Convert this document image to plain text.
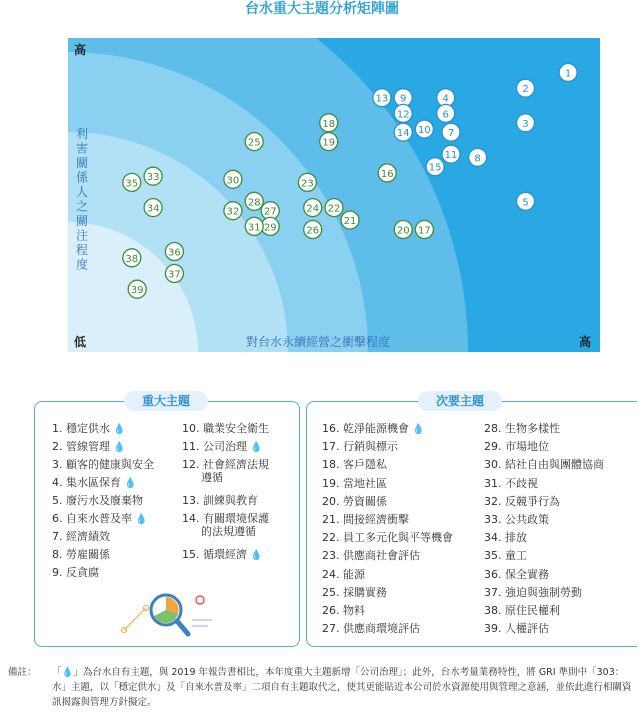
台水重大主題分析矩陣圖
1
2
3
4
5
6
7
8
9
10
11
12
13
14
15
16
17
18
19
20
21
22
23
24
25
26
27
28
29
30
31
32
33
34
35
36
37
38
39
高
低	高
對台水永續經營之衝擊程度
利害關係人之關注程度
重大主題	次要主題
1. 穩定供水 💧
2. 管線管理 💧
3. 顧客的健康與安全
4. 集水區保育 💧
5. 廢污水及廢棄物
6. 自來水普及率 💧
7. 經濟績效
8. 勞雇關係
9. 反貪腐
10. 職業安全衛生
11. 公司治理 💧
12. 社會經濟法規
遵循
13. 訓練與教育
14. 有關環境保護
的法規遵循
15. 循環經濟 💧
16. 乾淨能源機會 💧
17. 行銷與標示
18. 客戶隱私
19. 當地社區
20. 勞資關係
21. 間接經濟衝擊
22. 員工多元化與平等機會
23. 供應商社會評估
24. 能源
25. 採購實務
26. 物料
27. 供應商環境評估
28. 生物多樣性
29. 市場地位
30. 結社自由與團體協商
31. 不歧視
32. 反競爭行為
33. 公共政策
34. 排放
35. 童工
36. 保全實務
37. 強迫與強制勞動
38. 原住民權利
39. 人權評估
備註： 「💧」為台水自有主題，與 2019 年報告書相比，本年度重大主題新增「公司治理」；此外，台水考量業務特性，將 GRI 準則中「303：水」主題，以「穩定供水」及「自來水普及率」二項自有主題取代之，使其更能貼近本公司於水資源使用與管理之意涵，並依此進行相關資訊揭露與管理方針擬定。
